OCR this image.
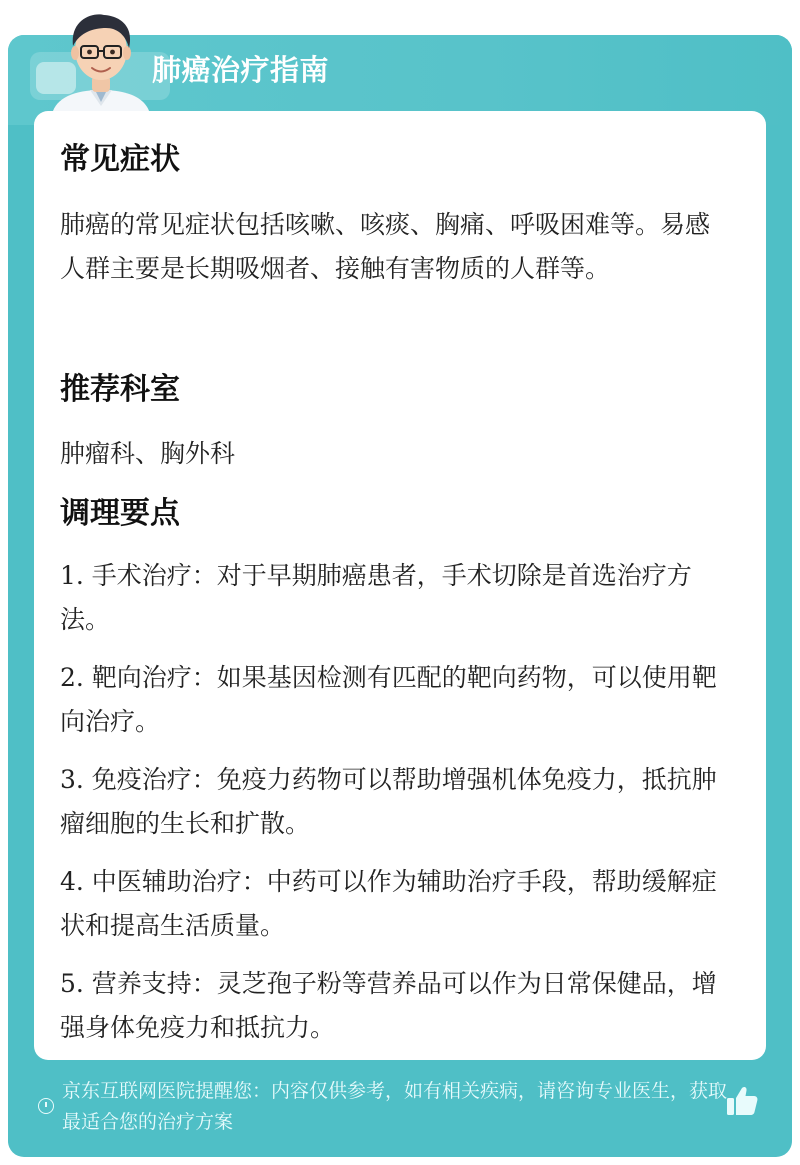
肺癌治疗指南
常见症状

肺癌的常见症状包括咳嗽、咳痰、胸痛、呼吸困难等。易感人群主要是长期吸烟者、接触有害物质的人群等。

推荐科室

肿瘤科、胸外科

调理要点
1. 手术治疗：对于早期肺癌患者，手术切除是首选治疗方法。
2. 靶向治疗：如果基因检测有匹配的靶向药物，可以使用靶向治疗。
3. 免疫治疗：免疫力药物可以帮助增强机体免疫力，抵抗肿瘤细胞的生长和扩散。
4. 中医辅助治疗：中药可以作为辅助治疗手段，帮助缓解症状和提高生活质量。
5. 营养支持：灵芝孢子粉等营养品可以作为日常保健品，增强身体免疫力和抵抗力。
京东互联网医院提醒您：内容仅供参考，如有相关疾病，请咨询专业医生，获取最适合您的治疗方案
